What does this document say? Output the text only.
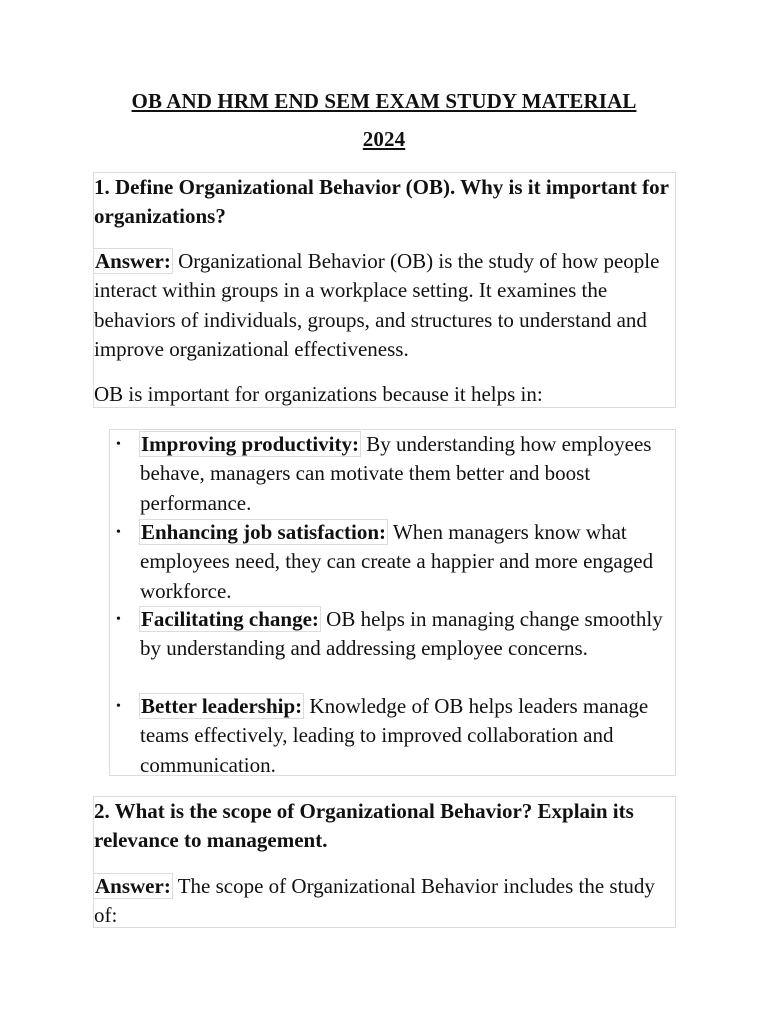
OB AND HRM END SEM EXAM STUDY MATERIAL
2024

1. Define Organizational Behavior (OB). Why is it important for organizations?

Answer: Organizational Behavior (OB) is the study of how people interact within groups in a workplace setting. It examines the behaviors of individuals, groups, and structures to understand and improve organizational effectiveness.

OB is important for organizations because it helps in:

• Improving productivity: By understanding how employees behave, managers can motivate them better and boost performance.
• Enhancing job satisfaction: When managers know what employees need, they can create a happier and more engaged workforce.
• Facilitating change: OB helps in managing change smoothly by understanding and addressing employee concerns.
• Better leadership: Knowledge of OB helps leaders manage teams effectively, leading to improved collaboration and communication.

2. What is the scope of Organizational Behavior? Explain its relevance to management.

Answer: The scope of Organizational Behavior includes the study of:
